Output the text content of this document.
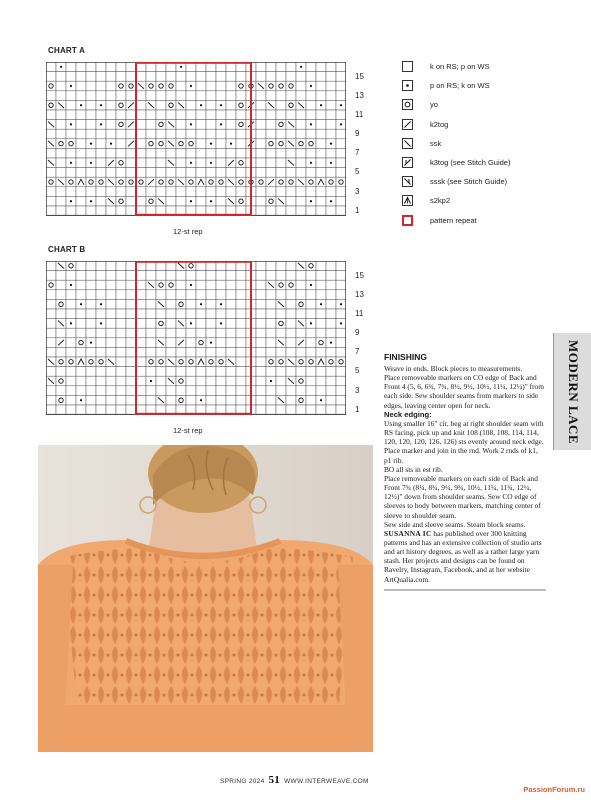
CHART A
15
13
11
9
7
5
3
1
12-st rep
CHART B
15
13
11
9
7
5
3
1
12-st rep
k on RS; p on WS
p on RS; k on WS
yo
k2tog
ssk
k3tog (see Stitch Guide)
sssk (see Stitch Guide)
s2kp2
pattern repeat
MODERN LACE
FINISHING

Weave in ends. Block pieces to measurements.

Place removeable markers on CO edge of Back and Front 4 (5, 6, 6¾, 7¾, 8½, 9½, 10½, 11¼, 12¼)" from each side. Sew shoulder seams from markers to side edges, leaving center open for neck.

Neck edging:

Using smaller 16" cir, beg at right shoulder seam with RS facing, pick up and knit 108 (108, 108, 114, 114, 120, 120, 120, 126, 126) sts evenly around neck edge. Place marker and join in the rnd. Work 2 rnds of k1, p1 rib.

BO all sts in est rib.

Place removeable markers on each side of Back and Front 7¾ (8¼, 8¾, 9¼, 9¾, 10½, 11¼, 11¾, 12¼, 12½)" down from shoulder seams. Sew CO edge of sleeves to body between markers, matching center of sleeve to shoulder seam.

Sew side and sleeve seams. Steam block seams.

SUSANNA IC has published over 300 knitting patterns and has an extensive collection of studio arts and art history degrees, as well as a rather large yarn stash. Her projects and designs can be found on Ravelry, Instagram, Facebook, and at her website ArtQualia.com.

SPRING 2024 51 WWW.INTERWEAVE.COM
PassionForum.ru
